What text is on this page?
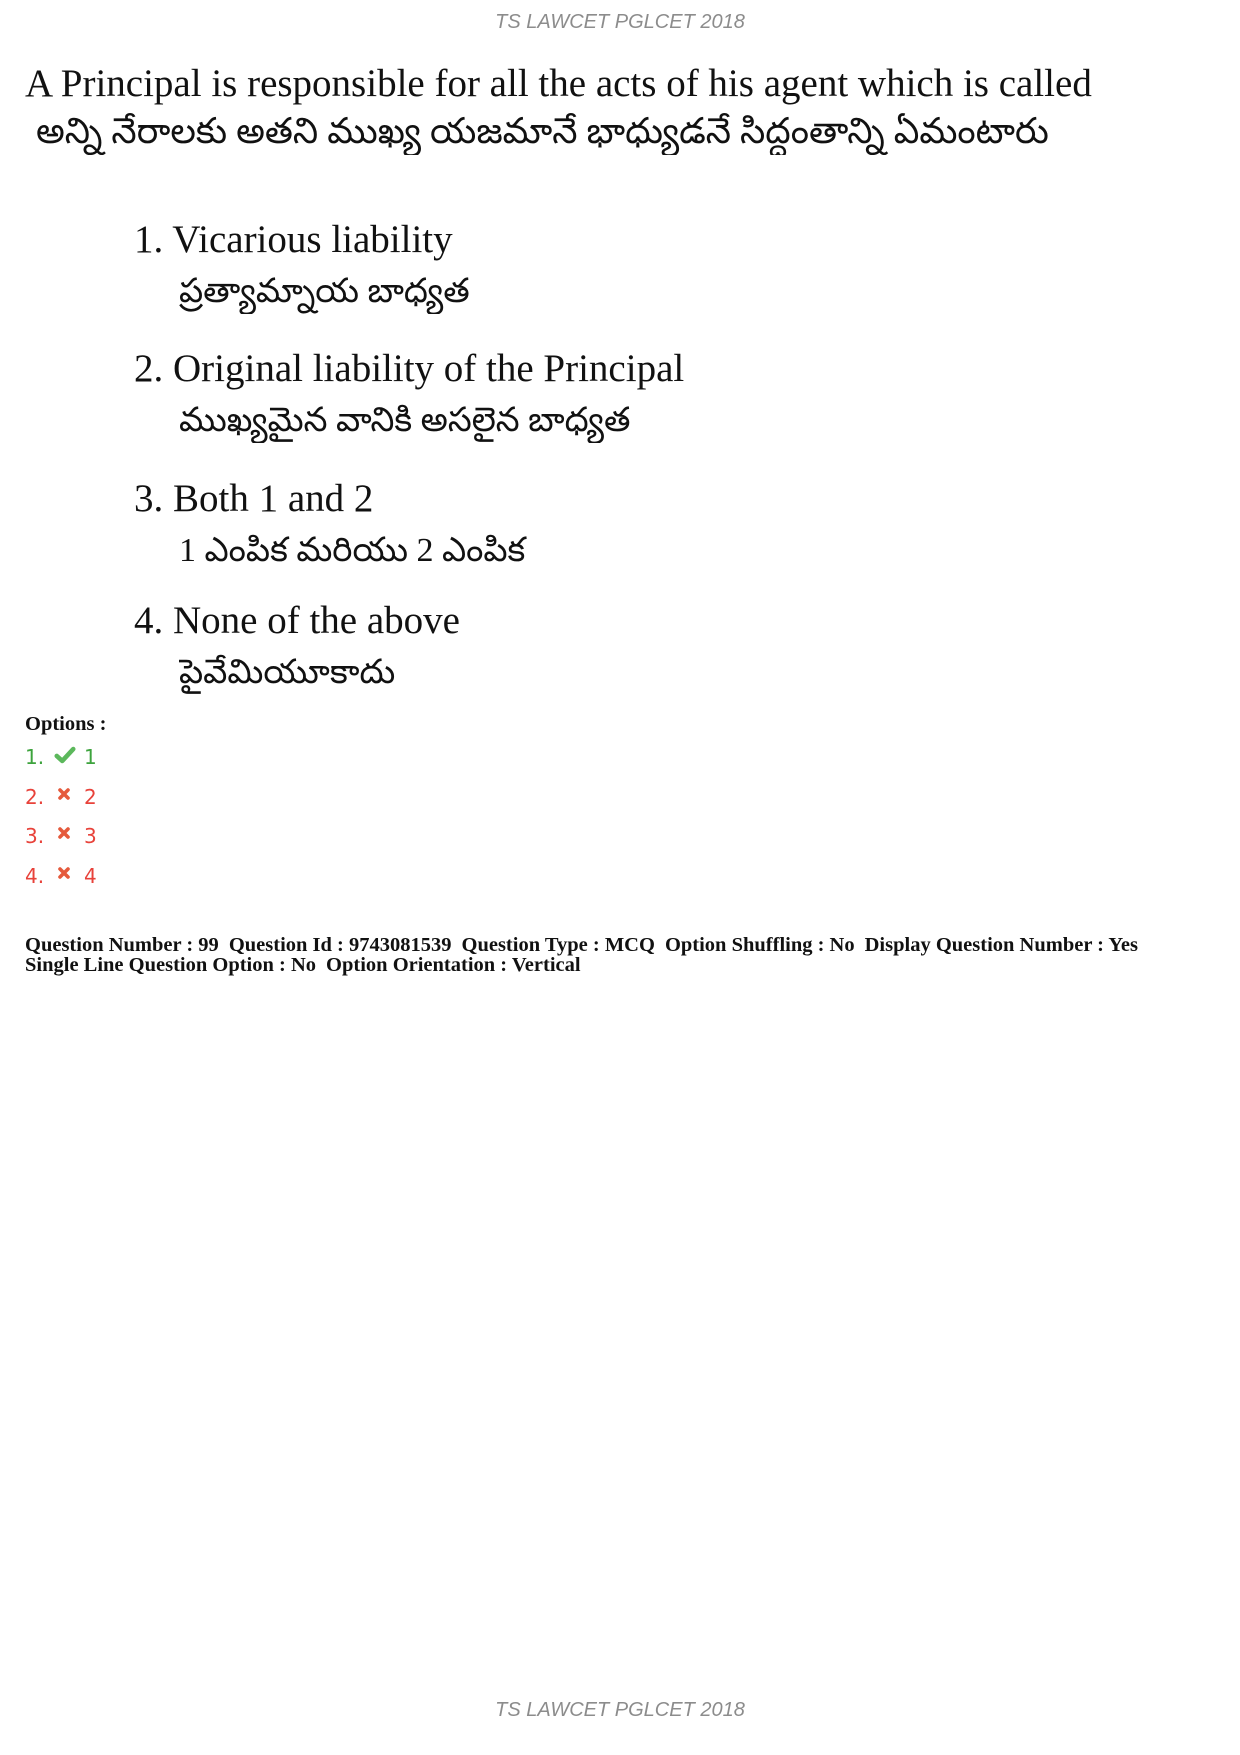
TS LAWCET PGLCET 2018
A Principal is responsible for all the acts of his agent which is called
అన్ని నేరాలకు అతని ముఖ్య యజమానే భాధ్యుడనే సిద్ధంతాన్ని ఏమంటారు
1. Vicarious liability
ప్రత్యామ్నాయ బాధ్యత
2. Original liability of the Principal
ముఖ్యమైన వానికి అసలైన బాధ్యత
3. Both 1 and 2
1 ఎంపిక మరియు 2 ఎంపిక
4. None of the above
పైవేమియూకాదు
Options :
1. 1
2. 2
3. 3
4. 4
Question Number : 99 Question Id : 9743081539 Question Type : MCQ Option Shuffling : No Display Question Number : Yes
Single Line Question Option : No Option Orientation : Vertical
TS LAWCET PGLCET 2018
